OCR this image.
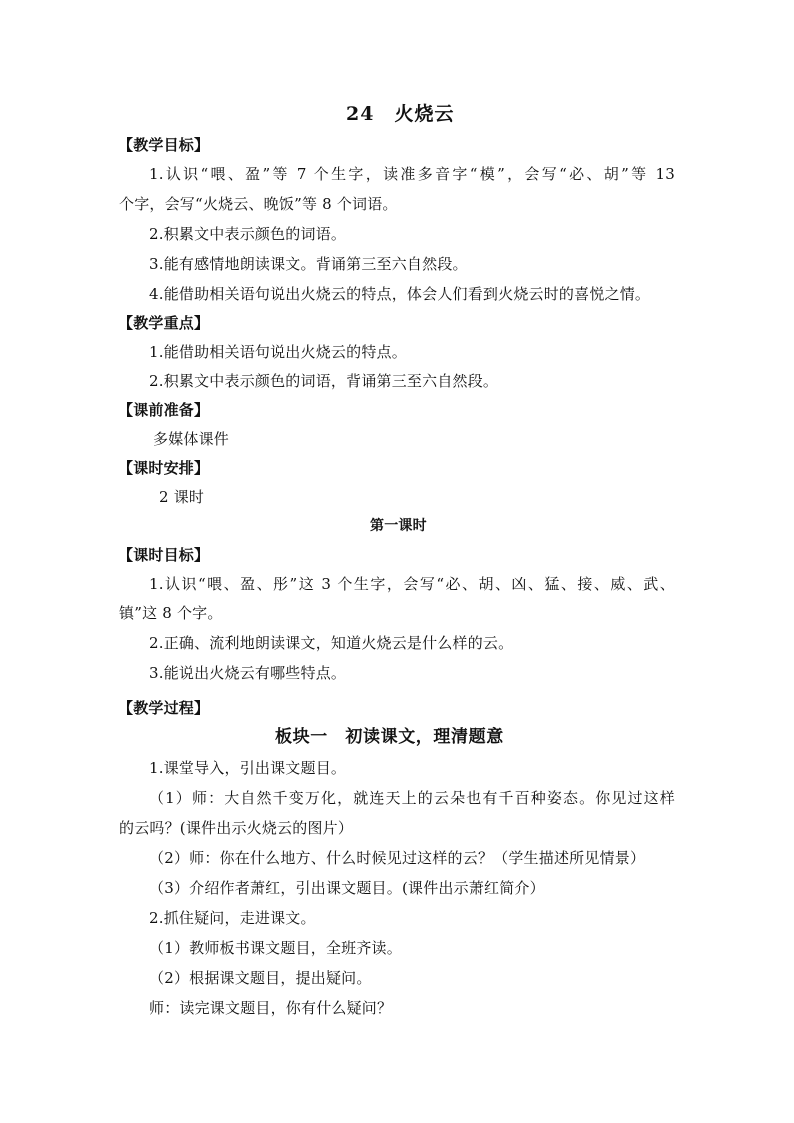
24　火烧云
【教学目标】
1.认识“喂、盈”等 7 个生字，读准多音字“模”，会写“必、胡”等 13
个字，会写“火烧云、晚饭”等 8 个词语。
2.积累文中表示颜色的词语。
3.能有感情地朗读课文。背诵第三至六自然段。
4.能借助相关语句说出火烧云的特点，体会人们看到火烧云时的喜悦之情。
【教学重点】
1.能借助相关语句说出火烧云的特点。
2.积累文中表示颜色的词语，背诵第三至六自然段。
【课前准备】
多媒体课件
【课时安排】
2 课时
第一课时
【课时目标】
1.认识“喂、盈、彤”这 3 个生字，会写“必、胡、凶、猛、接、威、武、
镇”这 8 个字。
2.正确、流利地朗读课文，知道火烧云是什么样的云。
3.能说出火烧云有哪些特点。
【教学过程】
板块一　初读课文，理清题意
1.课堂导入，引出课文题目。
（1）师：大自然千变万化，就连天上的云朵也有千百种姿态。你见过这样
的云吗？(课件出示火烧云的图片）
（2）师：你在什么地方、什么时候见过这样的云？（学生描述所见情景）
（3）介绍作者萧红，引出课文题目。(课件出示萧红简介）
2.抓住疑问，走进课文。
（1）教师板书课文题目，全班齐读。
（2）根据课文题目，提出疑问。
师：读完课文题目，你有什么疑问？
